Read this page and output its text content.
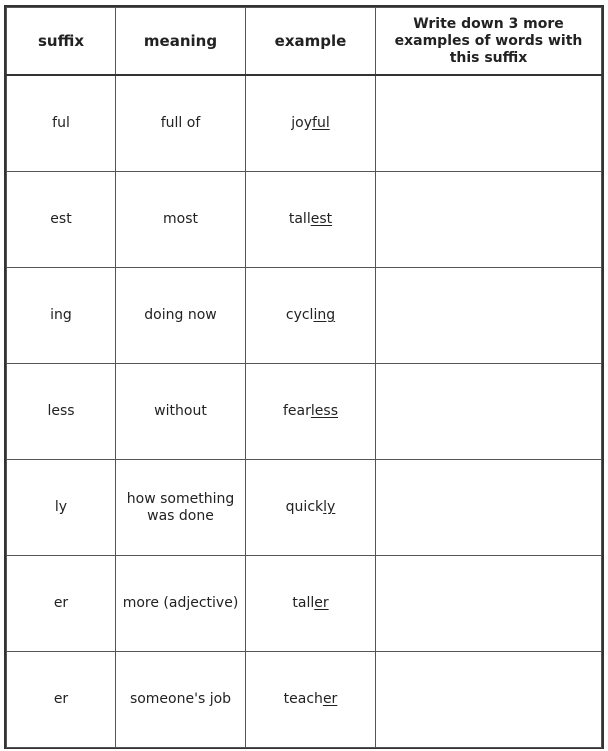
suffix	meaning	example	Write down 3 more examples of words with this suffix
ful	full of	joyful	
est	most	tallest	
ing	doing now	cycling	
less	without	fearless	
ly	how something was done	quickly	
er	more (adjective)	taller	
er	someone's job	teacher	
